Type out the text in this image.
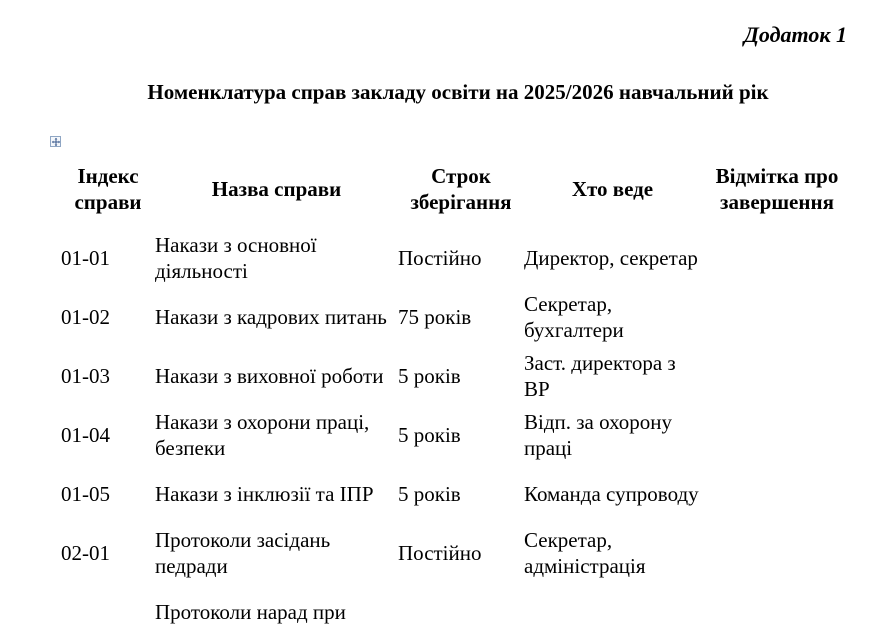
Додаток 1
Номенклатура справ закладу освіти на 2025/2026 навчальний рік
Індекс справи	Назва справи	Строк зберігання	Хто веде	Відмітка про завершення
01-01	Накази з основної діяльності	Постійно	Директор, секретар	
01-02	Накази з кадрових питань	75 років	Секретар, бухгалтери	
01-03	Накази з виховної роботи	5 років	Заст. директора з ВР	
01-04	Накази з охорони праці, безпеки	5 років	Відп. за охорону праці	
01-05	Накази з інклюзії та ІПР	5 років	Команда супроводу	
02-01	Протоколи засідань педради	Постійно	Секретар, адміністрація	
	Протоколи нарад при			
